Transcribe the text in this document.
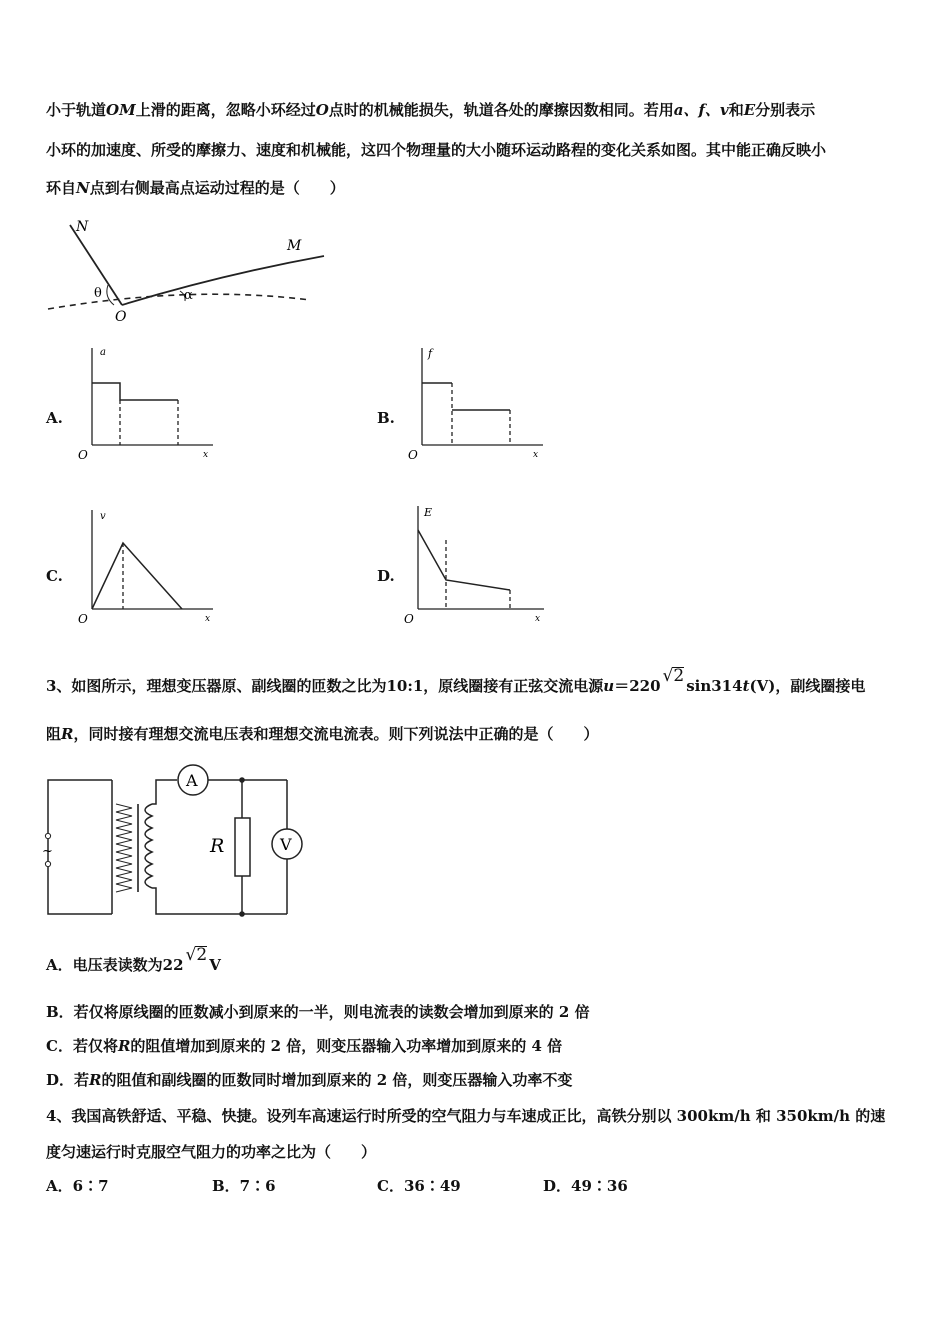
小于轨道OM上滑的距离，忽略小环经过O点时的机械能损失，轨道各处的摩擦因数相同。若用a、f、v和E分别表示
小环的加速度、所受的摩擦力、速度和机械能，这四个物理量的大小随环运动路程的变化关系如图。其中能正确反映小
环自N点到右侧最高点运动过程的是（　　）
N
M
O
θ	α
A.
a
x
O
B.
f
x
O
C.
v
x
O
D.
E
x
O
3、如图所示，理想变压器原、副线圈的匝数之比为10:1，原线圈接有正弦交流电源u＝220 √
2 sin314t(V)，副线圈接电
阻R，同时接有理想交流电压表和理想交流电流表。则下列说法中正确的是（　　）
~
A
R	V
A．电压表读数为22 √
2 V
B．若仅将原线圈的匝数减小到原来的一半，则电流表的读数会增加到原来的 2 倍
C．若仅将R的阻值增加到原来的 2 倍，则变压器输入功率增加到原来的 4 倍
D．若R的阻值和副线圈的匝数同时增加到原来的 2 倍，则变压器输入功率不变
4、我国高铁舒适、平稳、快捷。设列车高速运行时所受的空气阻力与车速成正比，高铁分别以 300km/h 和 350km/h 的速
度匀速运行时克服空气阻力的功率之比为（　　）
A．6∶7	B．7∶6	C．36∶49	D．49∶36
